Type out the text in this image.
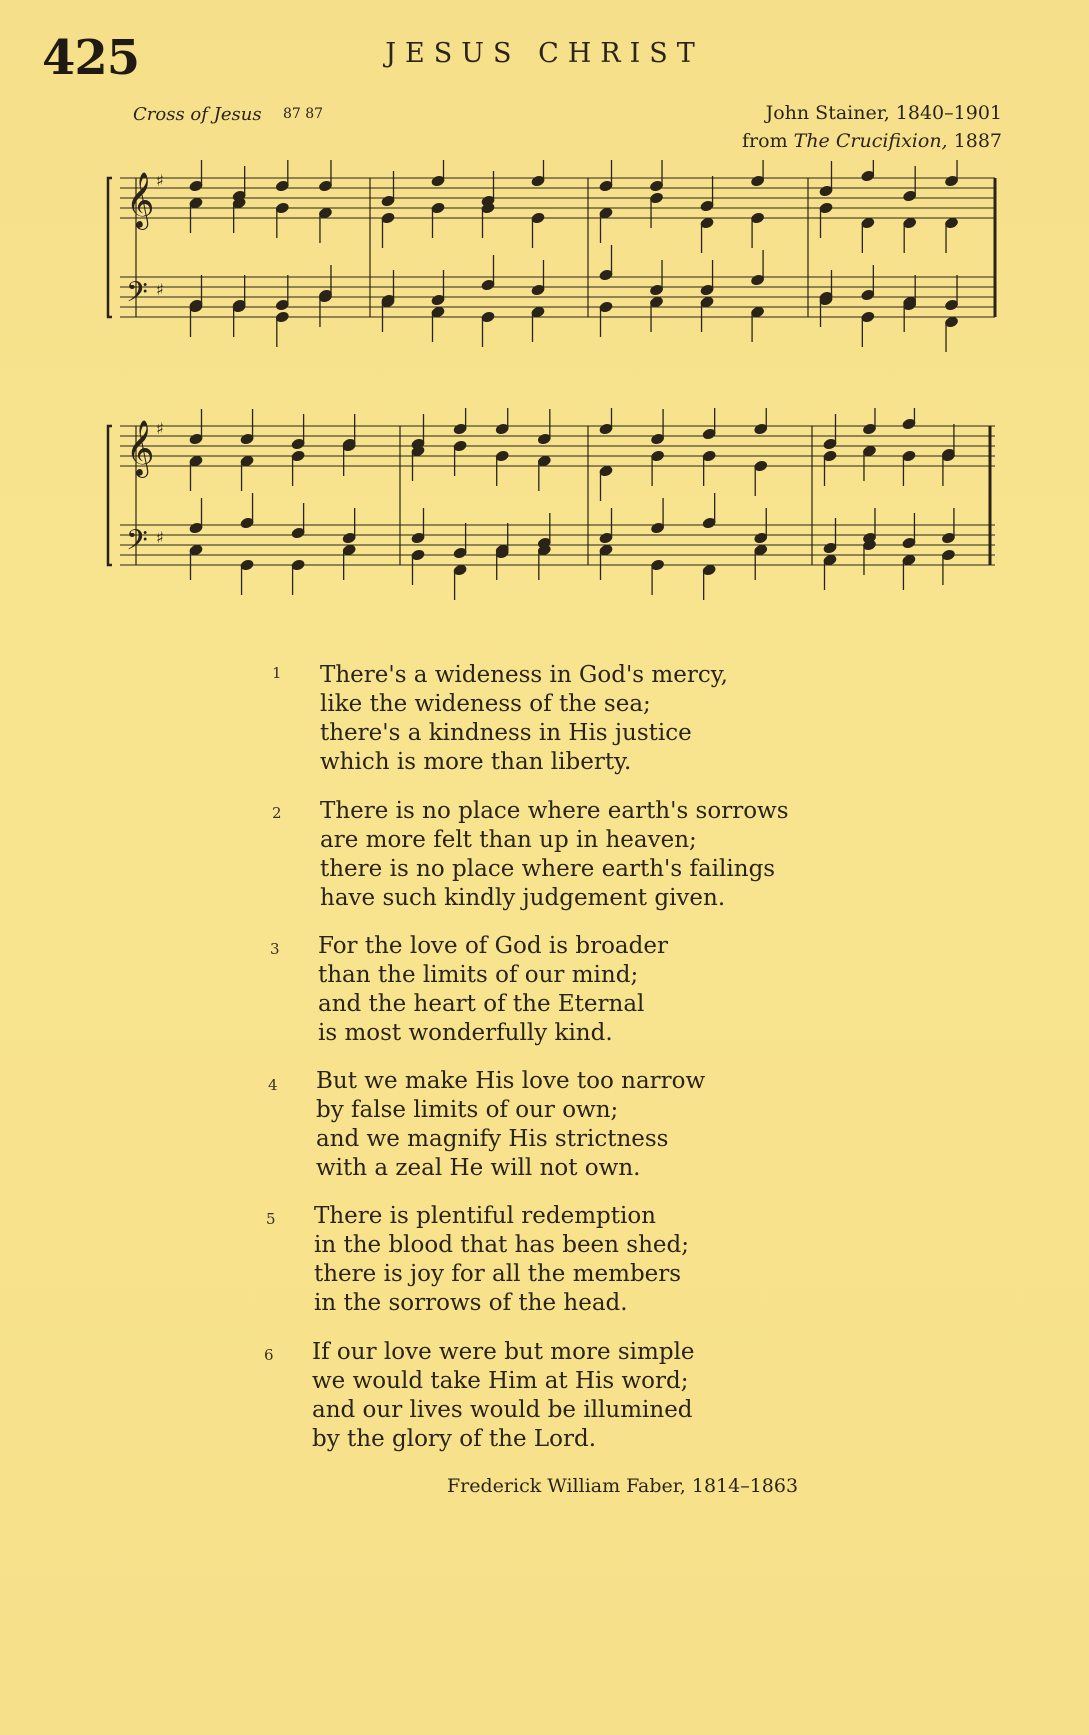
425	JESUS CHRIST
Cross of Jesus 87 87	John Stainer, 1840–1901
from The Crucifixion, 1887
𝄞 ♯
𝄢 ♯
𝄞 ♯
𝄢 ♯
1 There's a wideness in God's mercy,
like the wideness of the sea;
there's a kindness in His justice
which is more than liberty.
2 There is no place where earth's sorrows
are more felt than up in heaven;
there is no place where earth's failings
have such kindly judgement given.
3 For the love of God is broader
than the limits of our mind;
and the heart of the Eternal
is most wonderfully kind.
4 But we make His love too narrow
by false limits of our own;
and we magnify His strictness
with a zeal He will not own.
5 There is plentiful redemption
in the blood that has been shed;
there is joy for all the members
in the sorrows of the head.
6 If our love were but more simple
we would take Him at His word;
and our lives would be illumined
by the glory of the Lord.
Frederick William Faber, 1814–1863
